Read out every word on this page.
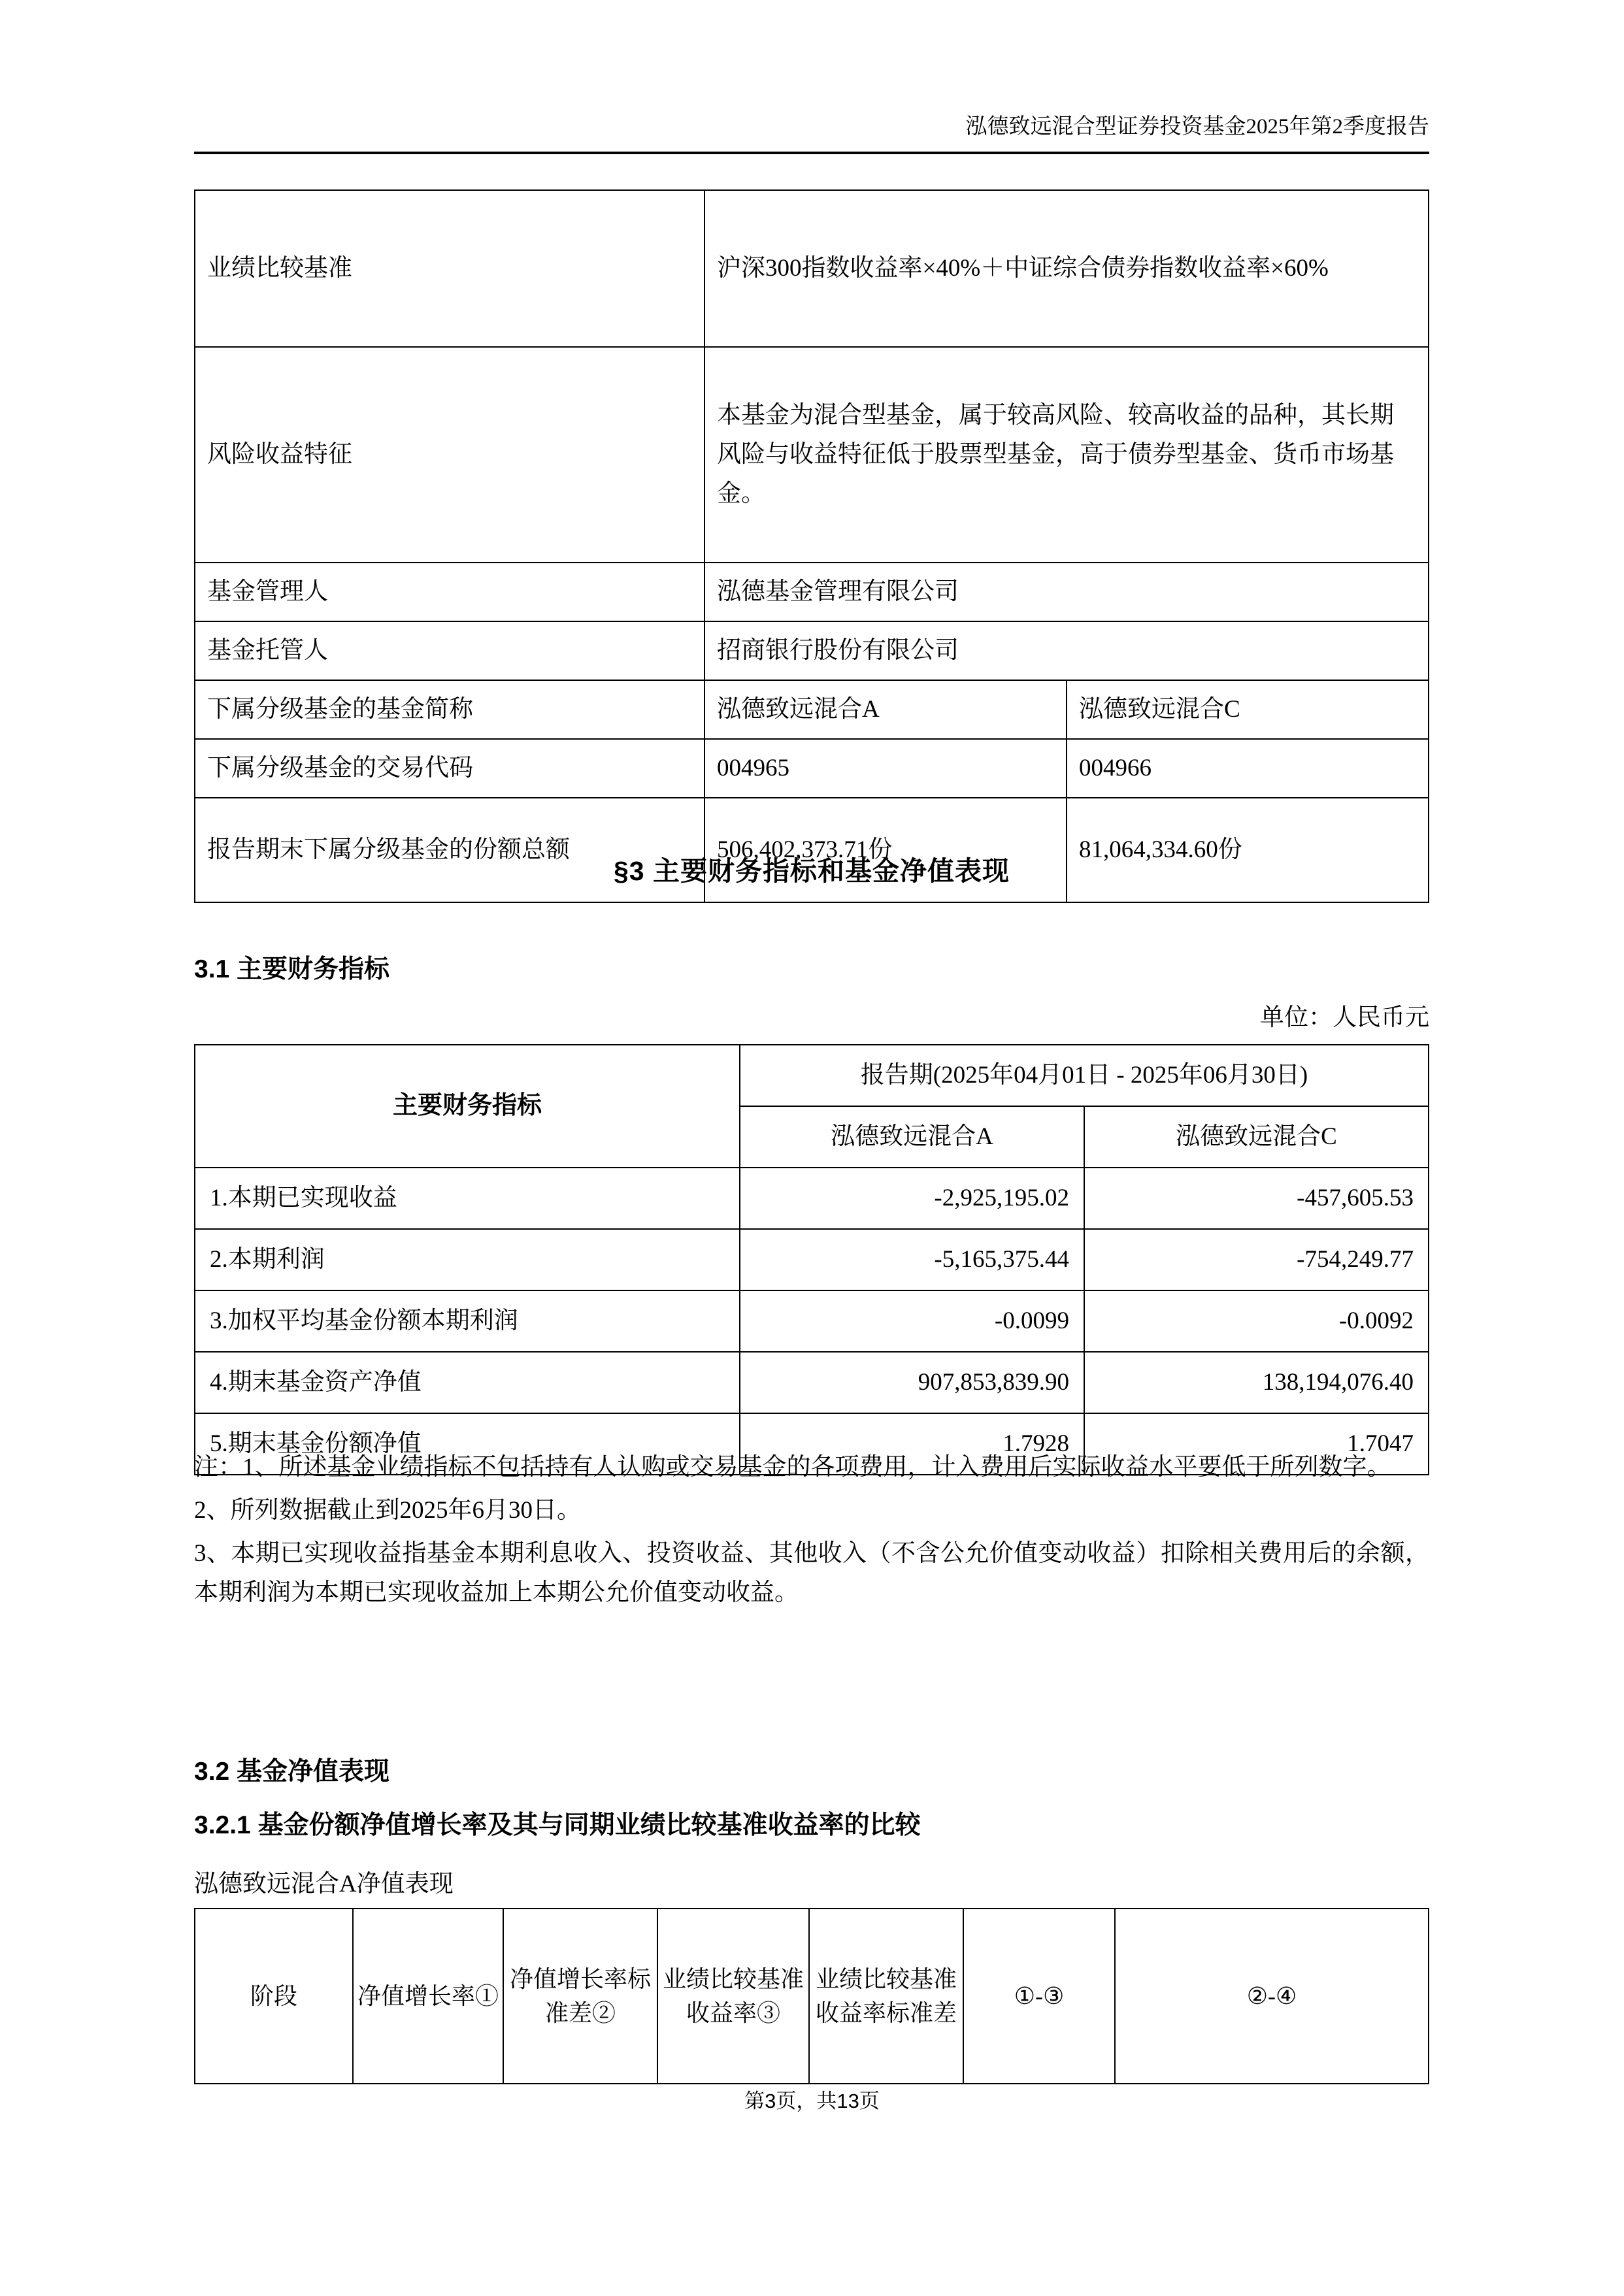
泓德致远混合型证券投资基金2025年第2季度报告
业绩比较基准	沪深300指数收益率×40%＋中证综合债券指数收益率×60%	
风险收益特征	本基金为混合型基金，属于较高风险、较高收益的品种，其长期风险与收益特征低于股票型基金，高于债券型基金、货币市场基金。	
基金管理人	泓德基金管理有限公司	
基金托管人	招商银行股份有限公司	
下属分级基金的基金简称	泓德致远混合A	泓德致远混合C
下属分级基金的交易代码	004965	004966
报告期末下属分级基金的份额总额	506,402,373.71份	81,064,334.60份
§3 主要财务指标和基金净值表现
3.1 主要财务指标
单位：人民币元
主要财务指标	报告期(2025年04月01日 - 2025年06月30日)	
	泓德致远混合A	泓德致远混合C
1.本期已实现收益	-2,925,195.02	-457,605.53
2.本期利润	-5,165,375.44	-754,249.77
3.加权平均基金份额本期利润	-0.0099	-0.0092
4.期末基金资产净值	907,853,839.90	138,194,076.40
5.期末基金份额净值	1.7928	1.7047

注：1、所述基金业绩指标不包括持有人认购或交易基金的各项费用，计入费用后实际收益水平要低于所列数字。

2、所列数据截止到2025年6月30日。

3、本期已实现收益指基金本期利息收入、投资收益、其他收入（不含公允价值变动收益）扣除相关费用后的余额，本期利润为本期已实现收益加上本期公允价值变动收益。

3.2 基金净值表现
3.2.1 基金份额净值增长率及其与同期业绩比较基准收益率的比较
泓德致远混合A净值表现
阶段	净值增长率①	净值增长率标准差②	业绩比较基准收益率③	业绩比较基准收益率标准差	①-③	②-④
第3页，共13页
